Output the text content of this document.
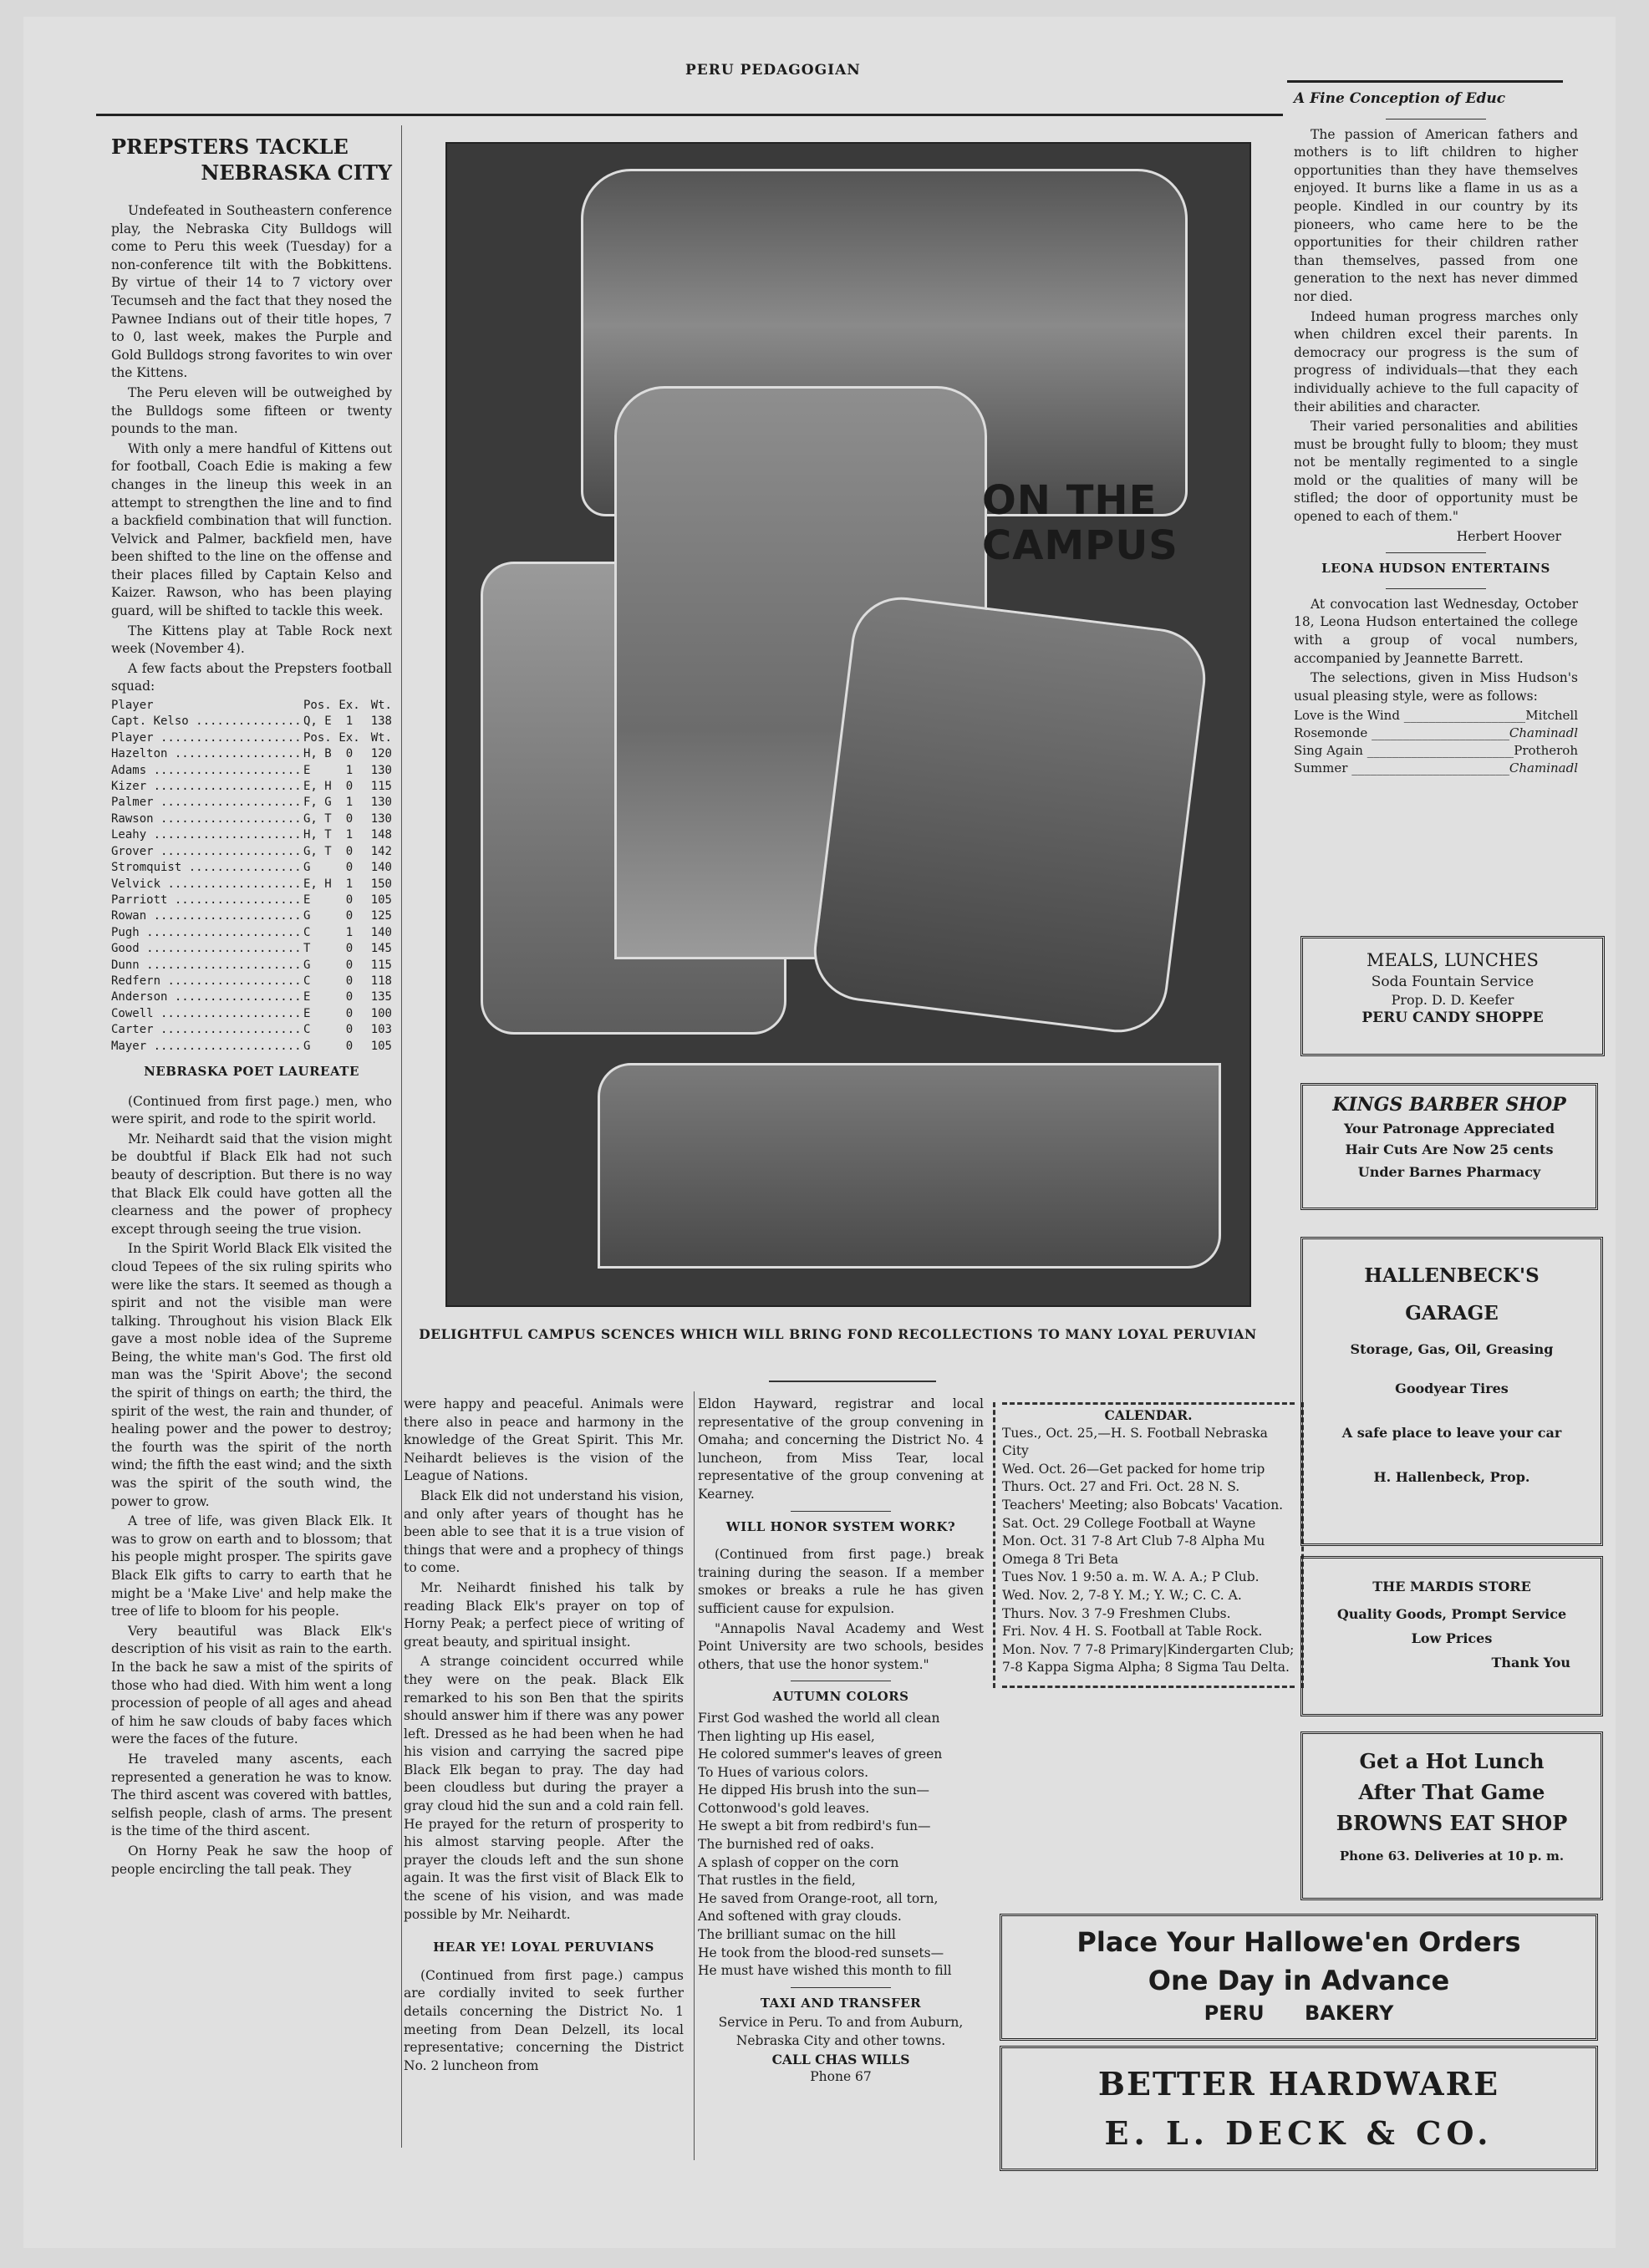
PERU PEDAGOGIAN
PREPSTERS TACKLE
NEBRASKA CITY

Undefeated in Southeastern conference play, the Nebraska City Bulldogs will come to Peru this week (Tuesday) for a non-conference tilt with the Bobkittens. By virtue of their 14 to 7 victory over Tecumseh and the fact that they nosed the Pawnee Indians out of their title hopes, 7 to 0, last week, makes the Purple and Gold Bulldogs strong favorites to win over the Kittens.

The Peru eleven will be outweighed by the Bulldogs some fifteen or twenty pounds to the man.

With only a mere handful of Kittens out for football, Coach Edie is making a few changes in the lineup this week in an attempt to strengthen the line and to find a backfield combination that will function. Velvick and Palmer, backfield men, have been shifted to the line on the offense and their places filled by Captain Kelso and Kaizer. Rawson, who has been playing guard, will be shifted to tackle this week.

The Kittens play at Table Rock next week (November 4).

A few facts about the Prepsters football squad:

Player	Pos. Ex. Wt.
Capt. Kelso .....	Q, E	1	138
Player .....	Pos. Ex. Wt.
Hazelton .....	H, B	0	120
Adams .....	E	1	130
Kizer .....	E, H	0	115
Palmer .....	F, G	1	130
Rawson .....	G, T	0	130
Leahy .....	H, T	1	148
Grover .....	G, T	0	142
Stromquist .....	G	0	140
Velvick .....	E, H	1	150
Parriott .....	E	0	105
Rowan .....	G	0	125
Pugh .....	C	1	140
Good .....	T	0	145
Dunn .....	G	0	115
Redfern .....	C	0	118
Anderson .....	E	0	135
Cowell .....	E	0	100
Carter .....	C	0	103
Mayer .....	G	0	105
NEBRASKA POET LAUREATE

(Continued from first page.) men, who were spirit, and rode to the spirit world.

Mr. Neihardt said that the vision might be doubtful if Black Elk had not such beauty of description. But there is no way that Black Elk could have gotten all the clearness and the power of prophecy except through seeing the true vision.

In the Spirit World Black Elk visited the cloud Tepees of the six ruling spirits who were like the stars. It seemed as though a spirit and not the visible man were talking. Throughout his vision Black Elk gave a most noble idea of the Supreme Being, the white man's God. The first old man was the 'Spirit Above'; the second the spirit of things on earth; the third, the spirit of the west, the rain and thunder, of healing power and the power to destroy; the fourth was the spirit of the north wind; the fifth the east wind; and the sixth was the spirit of the south wind, the power to grow.

A tree of life, was given Black Elk. It was to grow on earth and to blossom; that his people might prosper. The spirits gave Black Elk gifts to carry to earth that he might be a 'Make Live' and help make the tree of life to bloom for his people.

Very beautiful was Black Elk's description of his visit as rain to the earth. In the back he saw a mist of the spirits of those who had died. With him went a long procession of people of all ages and ahead of him he saw clouds of baby faces which were the faces of the future.

He traveled many ascents, each represented a generation he was to know. The third ascent was covered with battles, selfish people, clash of arms. The present is the time of the third ascent.

On Horny Peak he saw the hoop of people encircling the tall peak. They

ON THE
CAMPUS
DELIGHTFUL CAMPUS SCENCES WHICH WILL BRING FOND RECOLLECTIONS TO MANY LOYAL PERUVIAN

were happy and peaceful. Animals were there also in peace and harmony in the knowledge of the Great Spirit. This Mr. Neihardt believes is the vision of the League of Nations.

Black Elk did not understand his vision, and only after years of thought has he been able to see that it is a true vision of things that were and a prophecy of things to come.

Mr. Neihardt finished his talk by reading Black Elk's prayer on top of Horny Peak; a perfect piece of writing of great beauty, and spiritual insight.

A strange coincident occurred while they were on the peak. Black Elk remarked to his son Ben that the spirits should answer him if there was any power left. Dressed as he had been when he had his vision and carrying the sacred pipe Black Elk began to pray. The day had been cloudless but during the prayer a gray cloud hid the sun and a cold rain fell. He prayed for the return of prosperity to his almost starving people. After the prayer the clouds left and the sun shone again. It was the first visit of Black Elk to the scene of his vision, and was made possible by Mr. Neihardt.

HEAR YE! LOYAL PERUVIANS

(Continued from first page.) campus are cordially invited to seek further details concerning the District No. 1 meeting from Dean Delzell, its local representative; concerning the District No. 2 luncheon from

Eldon Hayward, registrar and local representative of the group convening in Omaha; and concerning the District No. 4 luncheon, from Miss Tear, local representative of the group convening at Kearney.

WILL HONOR SYSTEM WORK?

(Continued from first page.) break training during the season. If a member smokes or breaks a rule he has given sufficient cause for expulsion.

"Annapolis Naval Academy and West Point University are two schools, besides others, that use the honor system."

AUTUMN COLORS
First God washed the world all clean
Then lighting up His easel,
He colored summer's leaves of green
To Hues of various colors.
He dipped His brush into the sun—
Cottonwood's gold leaves.
He swept a bit from redbird's fun—
The burnished red of oaks.
A splash of copper on the corn
That rustles in the field,
He saved from Orange-root, all torn,
And softened with gray clouds.
The brilliant sumac on the hill
He took from the blood-red sunsets—
He must have wished this month to fill
TAXI AND TRANSFER
Service in Peru. To and from Auburn, Nebraska City and other towns.
CALL CHAS WILLS
Phone 67
CALENDAR.
Tues., Oct. 25,—H. S. Football Nebraska City
Wed. Oct. 26—Get packed for home trip
Thurs. Oct. 27 and Fri. Oct. 28 N. S. Teachers' Meeting; also Bobcats' Vacation.
Sat. Oct. 29 College Football at Wayne
Mon. Oct. 31 7-8 Art Club 7-8 Alpha Mu Omega 8 Tri Beta
Tues Nov. 1 9:50 a. m. W. A. A.; P Club.
Wed. Nov. 2, 7-8 Y. M.; Y. W.; C. C. A.
Thurs. Nov. 3 7-9 Freshmen Clubs.
Fri. Nov. 4 H. S. Football at Table Rock.
Mon. Nov. 7 7-8 Primary|Kindergarten Club; 7-8 Kappa Sigma Alpha; 8 Sigma Tau Delta.
A Fine Conception of Educ

The passion of American fathers and mothers is to lift children to higher opportunities than they have themselves enjoyed. It burns like a flame in us as a people. Kindled in our country by its pioneers, who came here to be the opportunities for their children rather than themselves, passed from one generation to the next has never dimmed nor died.

Indeed human progress marches only when children excel their parents. In democracy our progress is the sum of progress of individuals—that they each individually achieve to the full capacity of their abilities and character.

Their varied personalities and abilities must be brought fully to bloom; they must not be mentally regimented to a single mold or the qualities of many will be stifled; the door of opportunity must be opened to each of them."

Herbert Hoover
LEONA HUDSON ENTERTAINS

At convocation last Wednesday, October 18, Leona Hudson entertained the college with a group of vocal numbers, accompanied by Jeannette Barrett.

The selections, given in Miss Hudson's usual pleasing style, were as follows:

Love is the Wind _____	Mitchell
Rosemonde _____	Chaminadl
Sing Again _____	Protheroh
Summer _____	Chaminadl
MEALS, LUNCHES
Soda Fountain Service
Prop. D. D. Keefer
PERU CANDY SHOPPE
KINGS BARBER SHOP
Your Patronage Appreciated
Hair Cuts Are Now 25 cents
Under Barnes Pharmacy
HALLENBECK'S
GARAGE
Storage, Gas, Oil, Greasing
Goodyear Tires
A safe place to leave your car
H. Hallenbeck, Prop.
THE MARDIS STORE
Quality Goods, Prompt Service
Low Prices
Thank You
Get a Hot Lunch
After That Game
BROWNS EAT SHOP
Phone 63. Deliveries at 10 p. m.
Place Your Hallowe'en Orders
One Day in Advance
PERU BAKERY
BETTER HARDWARE
E. L. DECK & CO.
